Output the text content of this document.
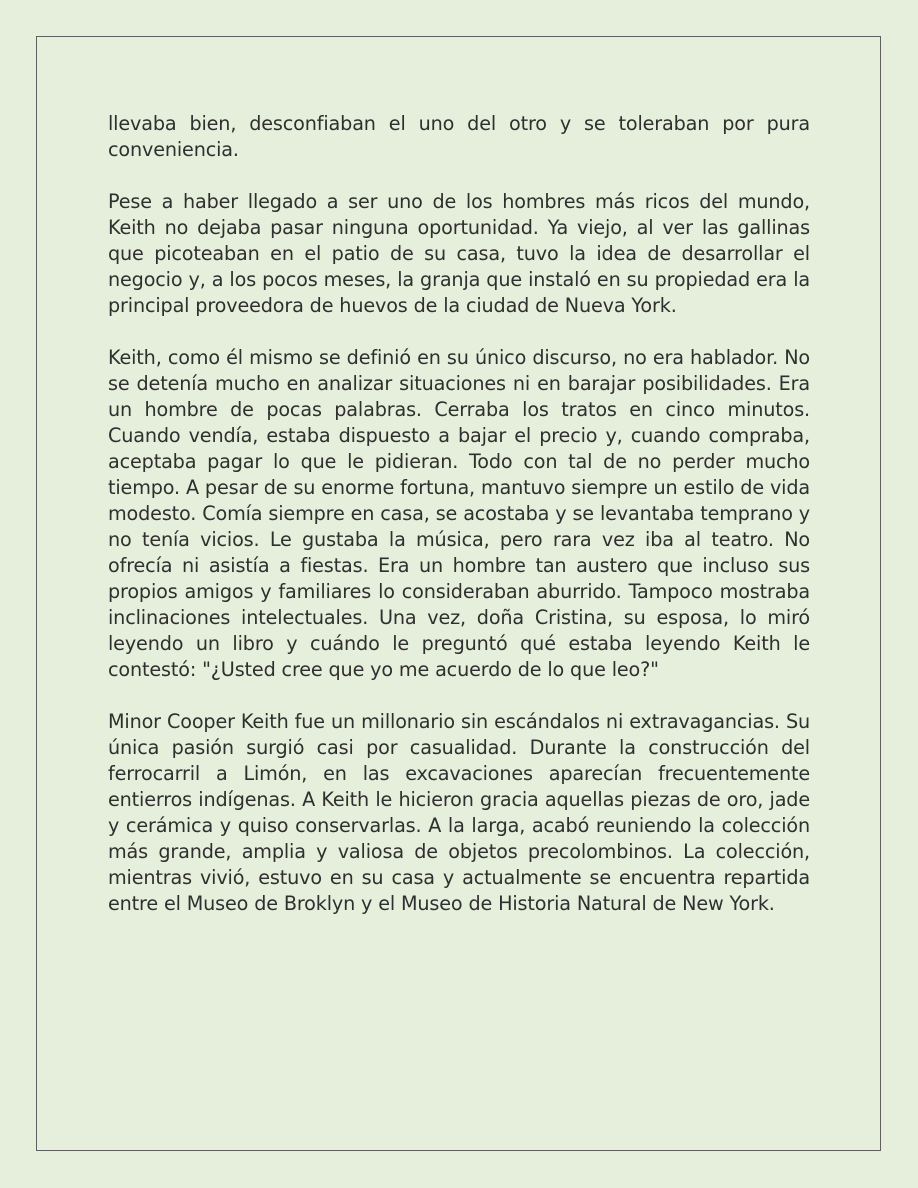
llevaba bien, desconfiaban el uno del otro y se toleraban por pura conveniencia.

Pese a haber llegado a ser uno de los hombres más ricos del mundo, Keith no dejaba pasar ninguna oportunidad. Ya viejo, al ver las gallinas que picoteaban en el patio de su casa, tuvo la idea de desarrollar el negocio y, a los pocos meses, la granja que instaló en su propiedad era la principal proveedora de huevos de la ciudad de Nueva York.

Keith, como él mismo se definió en su único discurso, no era hablador. No se detenía mucho en analizar situaciones ni en barajar posibilidades. Era un hombre de pocas palabras. Cerraba los tratos en cinco minutos. Cuando vendía, estaba dispuesto a bajar el precio y, cuando compraba, aceptaba pagar lo que le pidieran. Todo con tal de no perder mucho tiempo. A pesar de su enorme fortuna, mantuvo siempre un estilo de vida modesto. Comía siempre en casa, se acostaba y se levantaba temprano y no tenía vicios. Le gustaba la música, pero rara vez iba al teatro. No ofrecía ni asistía a fiestas. Era un hombre tan austero que incluso sus propios amigos y familiares lo consideraban aburrido. Tampoco mostraba inclinaciones intelectuales. Una vez, doña Cristina, su esposa, lo miró leyendo un libro y cuándo le preguntó qué estaba leyendo Keith le contestó: "¿Usted cree que yo me acuerdo de lo que leo?"

Minor Cooper Keith fue un millonario sin escándalos ni extravagancias. Su única pasión surgió casi por casualidad. Durante la construcción del ferrocarril a Limón, en las excavaciones aparecían frecuentemente entierros indígenas. A Keith le hicieron gracia aquellas piezas de oro, jade y cerámica y quiso conservarlas. A la larga, acabó reuniendo la colección más grande, amplia y valiosa de objetos precolombinos. La colección, mientras vivió, estuvo en su casa y actualmente se encuentra repartida entre el Museo de Broklyn y el Museo de Historia Natural de New York.
